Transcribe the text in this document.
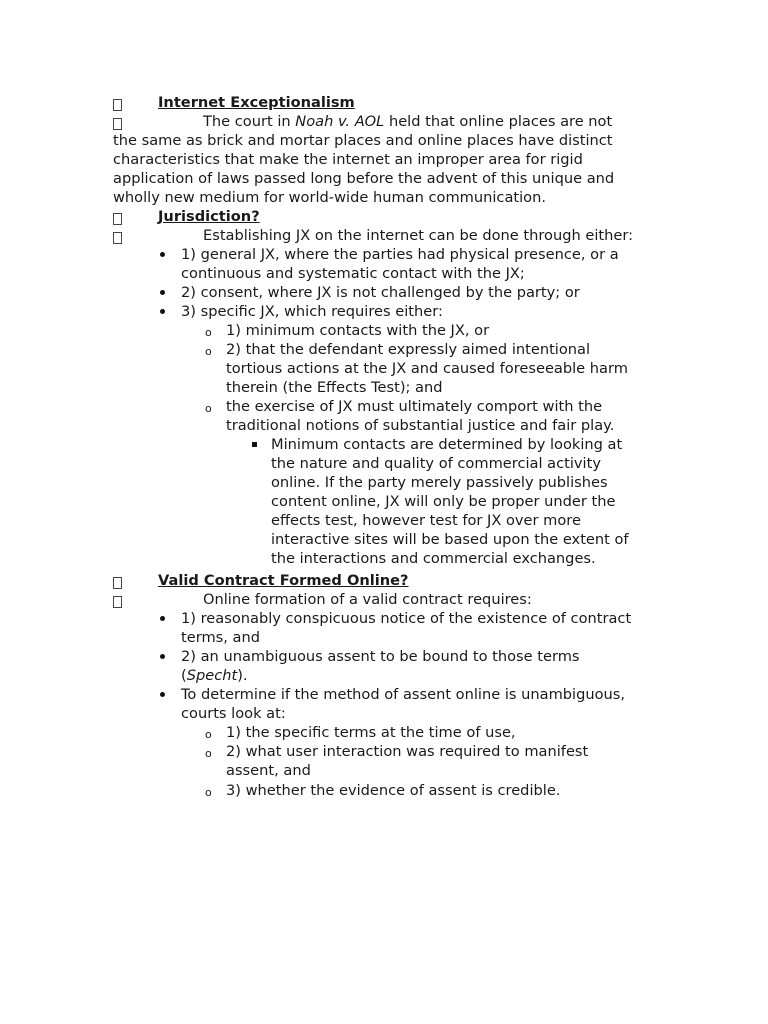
Internet Exceptionalism
The court in Noah v. AOL held that online places are not
the same as brick and mortar places and online places have distinct
characteristics that make the internet an improper area for rigid
application of laws passed long before the advent of this unique and
wholly new medium for world-wide human communication.
Jurisdiction?
Establishing JX on the internet can be done through either:
1) general JX, where the parties had physical presence, or a
continuous and systematic contact with the JX;
2) consent, where JX is not challenged by the party; or
3) specific JX, which requires either:
o 1) minimum contacts with the JX, or
o 2) that the defendant expressly aimed intentional
tortious actions at the JX and caused foreseeable harm
therein (the Effects Test); and
o the exercise of JX must ultimately comport with the
traditional notions of substantial justice and fair play.
Minimum contacts are determined by looking at
the nature and quality of commercial activity
online. If the party merely passively publishes
content online, JX will only be proper under the
effects test, however test for JX over more
interactive sites will be based upon the extent of
the interactions and commercial exchanges.
Valid Contract Formed Online?
Online formation of a valid contract requires:
1) reasonably conspicuous notice of the existence of contract
terms, and
2) an unambiguous assent to be bound to those terms
(Specht).
To determine if the method of assent online is unambiguous,
courts look at:
o 1) the specific terms at the time of use,
o 2) what user interaction was required to manifest
assent, and
o 3) whether the evidence of assent is credible.
